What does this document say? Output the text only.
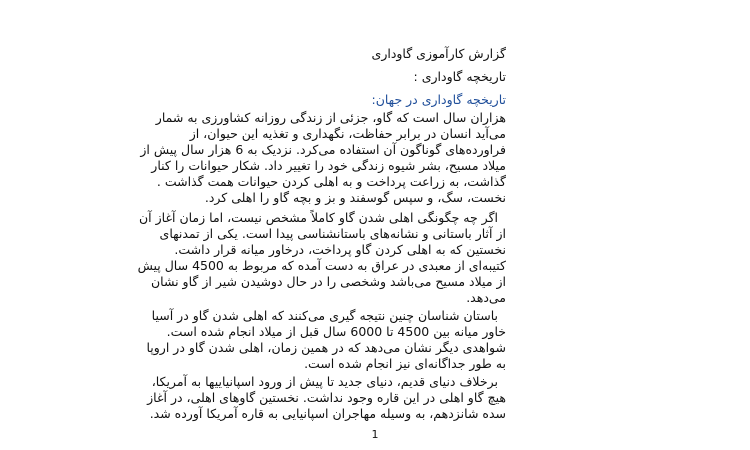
گزارش کارآموزی گاوداری
تاریخچه گاوداری :
تاریخچه گاوداری در جهان:
هزاران سال است که گاو، جزئی از زندگی روزانه کشاورزی به شمار
می‌آید انسان در برابر حفاظت، نگهداری و تغذیه این حیوان، از
فراورده‌های گوناگون آن استفاده می‌کرد. نزدیک به 6 هزار سال پیش از
میلاد مسیح، بشر شیوه زندگی خود را تغییر داد. شکار حیوانات را کنار
گذاشت، به زراعت پرداخت و به اهلی کردن حیوانات همت گذاشت .
نخست، سگ، و سپس گوسفند و بز و بچه گاو را اهلی کرد.
اگر چه چگونگی اهلی شدن گاو کاملاً مشخص نیست، اما زمان آغاز آن
از آثار باستانی و نشانه‌های باستانشناسی پیدا است. یکی از تمدنهای
نخستین که به اهلی کردن گاو پرداخت، درخاور میانه قرار داشت.
کتیبه‌ای از معبدی در عراق به دست آمده که مربوط به 4500 سال پیش
از میلاد مسیح می‌باشد وشخصی را در حال دوشیدن شیر از گاو نشان
می‌دهد.
باستان شناسان چنین نتیجه گیری می‌کنند که اهلی شدن گاو در آسیا
خاور میانه بین 4500 تا 6000 سال قبل از میلاد انجام شده است.
شواهدی دیگر نشان می‌دهد که در همین زمان، اهلی شدن گاو در اروپا
به طور جداگانه‌ای نیز انجام شده است.
برخلاف دنیای قدیم، دنیای جدید تا پیش از ورود اسپانیاییها به آمریکا،
هیچ گاو اهلی در این قاره وجود نداشت. نخستین گاوهای اهلی، در آغاز
سده شانزدهم، به وسیله مهاجران اسپانیایی به قاره آمریکا آورده شد.
1
